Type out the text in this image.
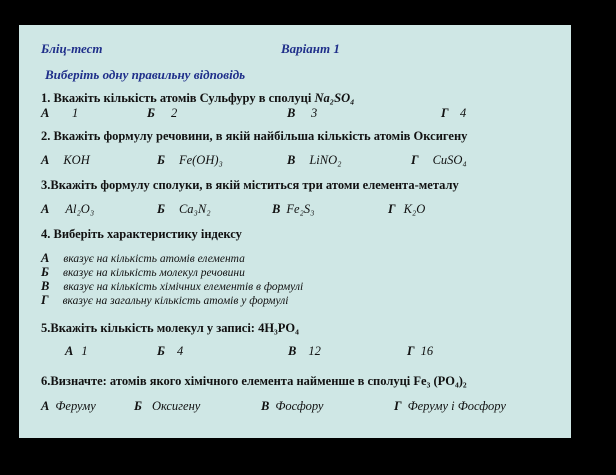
Бліц-тест	Варіант 1
Виберіть одну правильну відповідь
1. Вкажіть кількість атомів Сульфуру в сполуці Na₂SO₄
А 1	Б 2	В 3	Г 4
2. Вкажіть формулу речовини, в якій найбільша кількість атомів Оксигену
А KOH	Б Fe(OH)₃	В LiNO₂	Г CuSO₄
3.Вкажіть формулу сполуки, в якій міститься три атоми елемента-металу
А Al₂O₃	Б Ca₃N₂	В Fe₂S₃	Г K₂O
4. Виберіть характеристику індексу
А вказує на кількість атомів елемента
Б вказує на кількість молекул речовини
В вказує на кількість хімічних елементів в формулі
Г вказує на загальну кількість атомів у формулі
5.Вкажіть кількість молекул у записі: 4H₃PO₄
А 1	Б 4	В 12	Г 16
6.Визначте: атомів якого хімічного елемента найменше в сполуці Fe₃ (PO₄)₂
А Феруму	Б Оксигену	В Фосфору	Г Феруму і Фосфору
